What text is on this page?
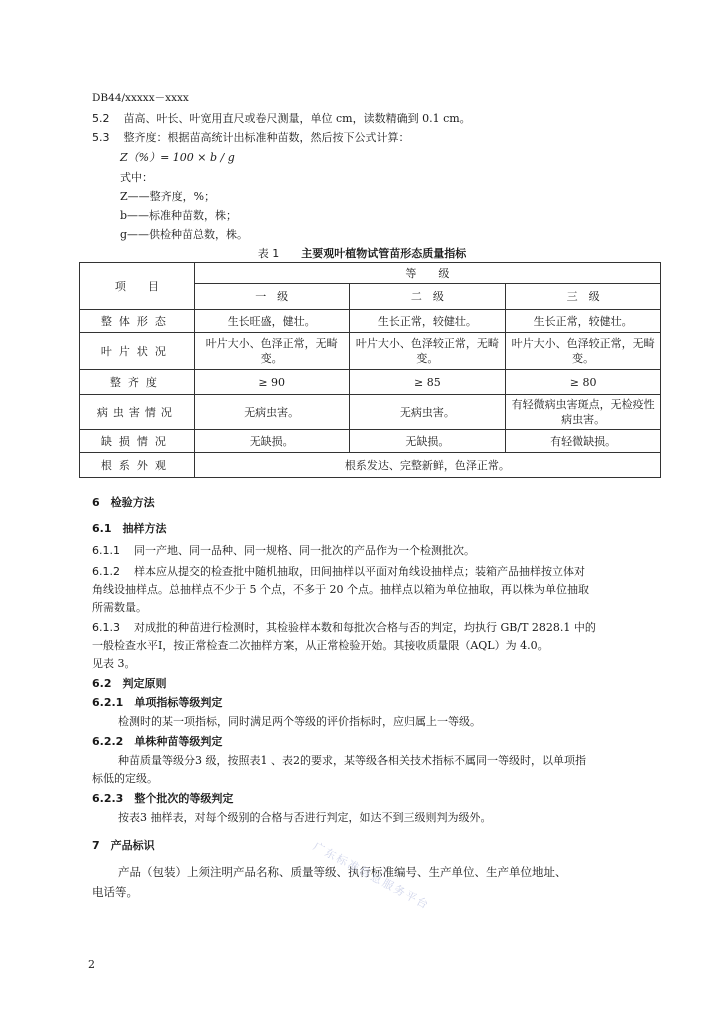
DB44/xxxxx－xxxx
5.2 苗高、叶长、叶宽用直尺或卷尺测量，单位 cm，读数精确到 0.1 cm。
5.3 整齐度：根据苗高统计出标准种苗数，然后按下公式计算：
Z（%）= 100 × b / g
式中：
Z——整齐度，%；
b——标准种苗数，株；
g——供检种苗总数，株。
表 1 主要观叶植物试管苗形态质量指标
项　　目	等　　级		
	一　级	二　级	三　级
整体形态	生长旺盛，健壮。	生长正常，较健壮。	生长正常，较健壮。
叶片状况	叶片大小、色泽正常，无畸变。	叶片大小、色泽较正常，无畸变。	叶片大小、色泽较正常，无畸变。
整齐度	≥ 90	≥ 85	≥ 80
病虫害情况	无病虫害。	无病虫害。	有轻微病虫害斑点，无检疫性病虫害。
缺损情况	无缺损。	无缺损。	有轻微缺损。
根系外观	根系发达、完整新鲜，色泽正常。		
6　检验方法
6.1　抽样方法
6.1.1 同一产地、同一品种、同一规格、同一批次的产品作为一个检测批次。
6.1.2 样本应从提交的检查批中随机抽取，田间抽样以平面对角线设抽样点；装箱产品抽样按立体对
角线设抽样点。总抽样点不少于 5 个点，不多于 20 个点。抽样点以箱为单位抽取，再以株为单位抽取
所需数量。
6.1.3 对成批的种苗进行检测时，其检验样本数和每批次合格与否的判定，均执行 GB/T 2828.1 中的
一般检查水平Ⅰ，按正常检查二次抽样方案，从正常检验开始。其接收质量限（AQL）为 4.0。
见表 3。
6.2　判定原则
6.2.1　单项指标等级判定
检测时的某一项指标，同时满足两个等级的评价指标时，应归属上一等级。
6.2.2　单株种苗等级判定
种苗质量等级分3 级，按照表1 、表2的要求，某等级各相关技术指标不属同一等级时，以单项指
标低的定级。
6.2.3　整个批次的等级判定
按表3 抽样表，对每个级别的合格与否进行判定，如达不到三级则判为级外。
7　产品标识
产品（包装）上须注明产品名称、质量等级、执行标准编号、生产单位、生产单位地址、
电话等。	广东标准信息服务平台
2
